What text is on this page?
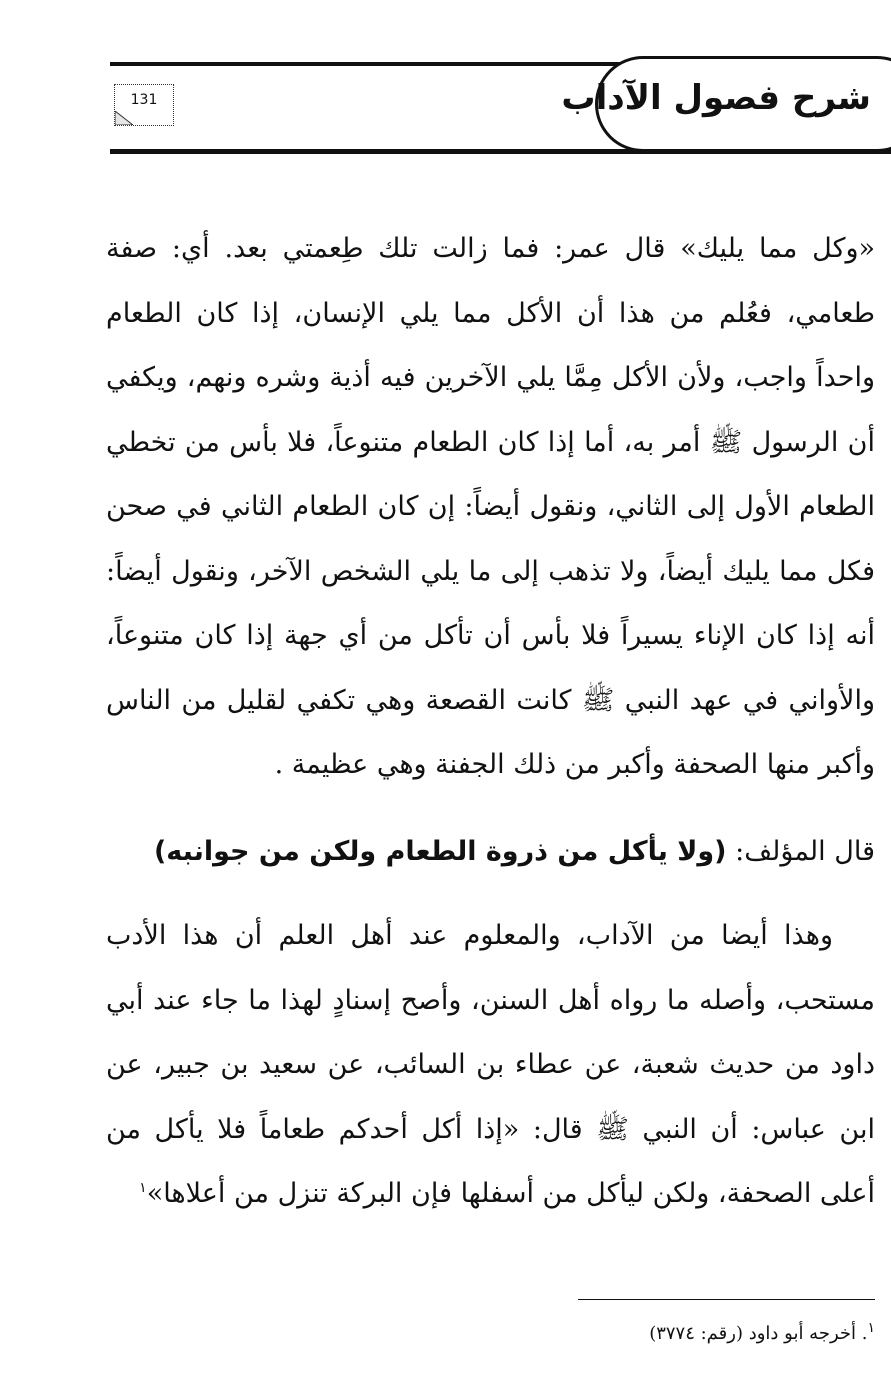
شرح فصول الآداب
131
«وكل مما يليك» قال عمر: فما زالت تلك طِعمتي بعد. أي: صفة طعامي، فعُلم من هذا أن الأكل مما يلي الإنسان، إذا كان الطعام واحداً واجب، ولأن الأكل مِمَّا يلي الآخرين فيه أذية وشره ونهم، ويكفي أن الرسول ﷺ أمر به، أما إذا كان الطعام متنوعاً، فلا بأس من تخطي الطعام الأول إلى الثاني، ونقول أيضاً: إن كان الطعام الثاني في صحن فكل مما يليك أيضاً، ولا تذهب إلى ما يلي الشخص الآخر، ونقول أيضاً: أنه إذا كان الإناء يسيراً فلا بأس أن تأكل من أي جهة إذا كان متنوعاً، والأواني في عهد النبي ﷺ كانت القصعة وهي تكفي لقليل من الناس وأكبر منها الصحفة وأكبر من ذلك الجفنة وهي عظيمة .
قال المؤلف: (ولا يأكل من ذروة الطعام ولكن من جوانبه)
وهذا أيضا من الآداب، والمعلوم عند أهل العلم أن هذا الأدب مستحب، وأصله ما رواه أهل السنن، وأصح إسنادٍ لهذا ما جاء عند أبي داود من حديث شعبة، عن عطاء بن السائب، عن سعيد بن جبير، عن ابن عباس: أن النبي ﷺ قال: «إذا أكل أحدكم طعاماً فلا يأكل من أعلى الصحفة، ولكن ليأكل من أسفلها فإن البركة تنزل من أعلاها»$^١$
$^١$. أخرجه أبو داود (رقم: ٣٧٧٤)
